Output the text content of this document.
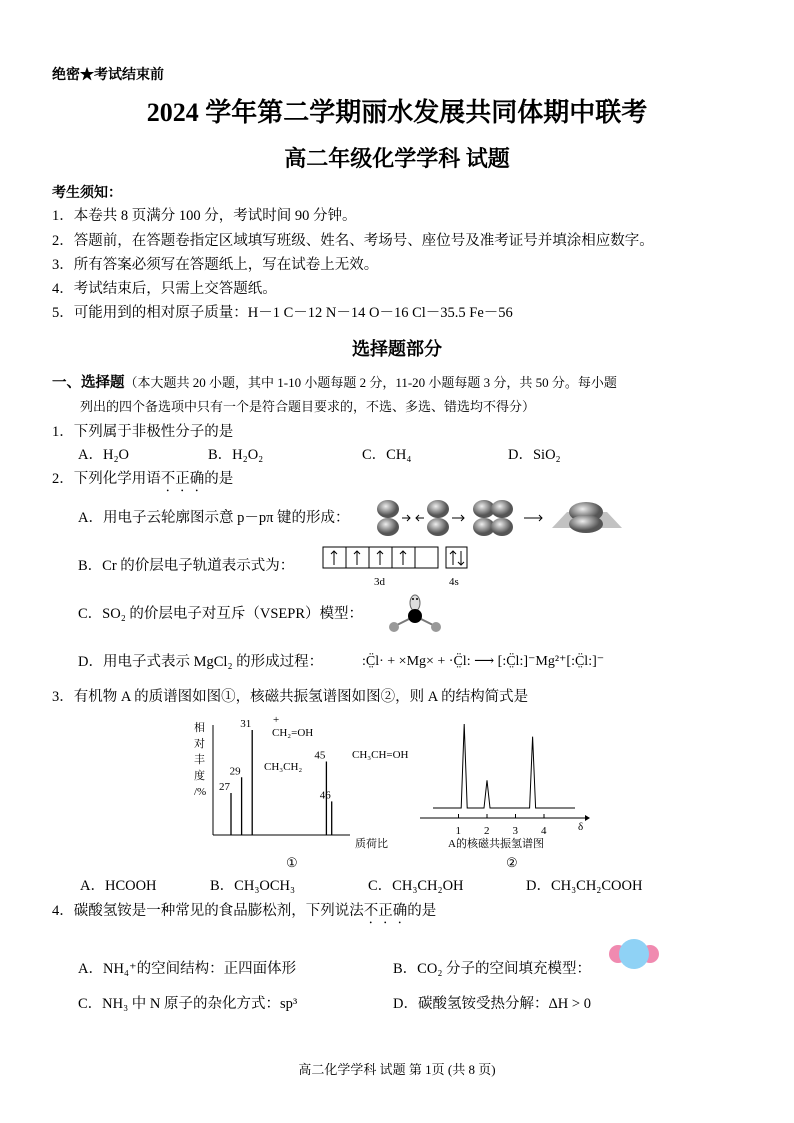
绝密★考试结束前
2024 学年第二学期丽水发展共同体期中联考
高二年级化学学科 试题
考生须知：
1．本卷共 8 页满分 100 分，考试时间 90 分钟。
2．答题前，在答题卷指定区域填写班级、姓名、考场号、座位号及准考证号并填涂相应数字。
3．所有答案必须写在答题纸上，写在试卷上无效。
4．考试结束后，只需上交答题纸。
5．可能用到的相对原子质量：H－1 C－12 N－14 O－16 Cl－35.5 Fe－56
选择题部分
一、选择题（本大题共 20 小题，其中 1-10 小题每题 2 分，11-20 小题每题 3 分，共 50 分。每小题
列出的四个备选项中只有一个是符合题目要求的，不选、多选、错选均不得分）
1．下列属于非极性分子的是
A．H₂O	B．H₂O₂	C．CH₄	D．SiO₂
2．下列化学用语不正确的是
A．用电子云轮廓图示意 p－pπ 键的形成：
B．Cr 的价层电子轨道表示式为：
3d	4s
C．SO₂ 的价层电子对互斥（VSEPR）模型：
D．用电子式表示 MgCl₂ 的形成过程：	:C̤̈l· + ×Mg× + ·C̤̈l: ⟶ [:C̤̈l:]⁻Mg²⁺[:C̤̈l:]⁻
3．有机物 A 的质谱图如图①，核磁共振氢谱图如图②，则 A 的结构简式是
27
29
31
45
46
1 2 3 4
相
对
丰
度
/%
+
CH₂=OH
CH₃CH₂
CH₃CH=OH
质荷比
①
A的核磁共振氢谱图
②
δ
A．HCOOH	B．CH₃OCH₃	C．CH₃CH₂OH	D．CH₃CH₂COOH
4．碳酸氢铵是一种常见的食品膨松剂，下列说法不正确的是
A．NH₄⁺的空间结构：正四面体形	B．CO₂ 分子的空间填充模型：
C．NH₃ 中 N 原子的杂化方式：sp³	D．碳酸氢铵受热分解：ΔH > 0
高二化学学科 试题 第 1页 (共 8 页)
